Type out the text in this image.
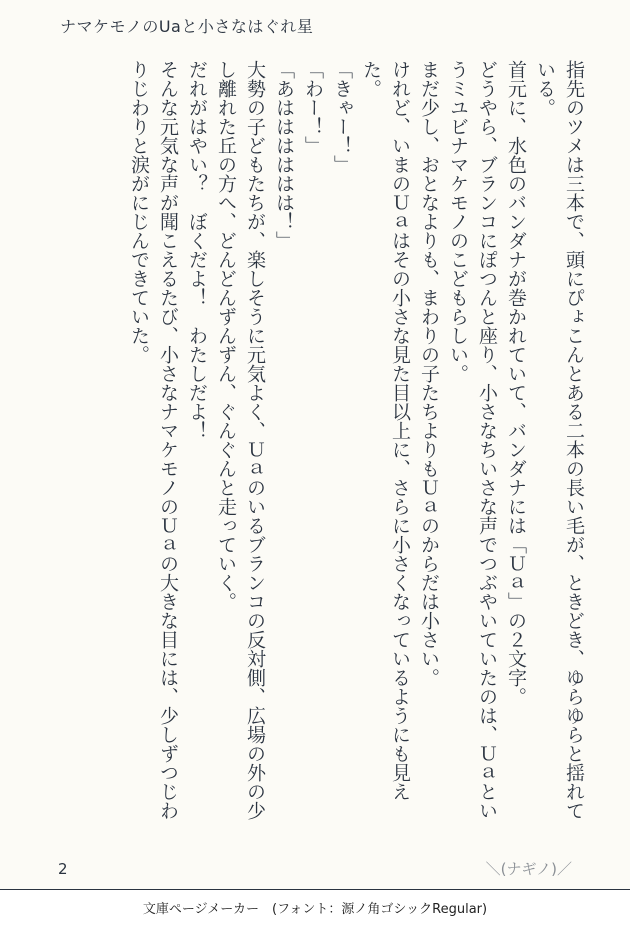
ナマケモノのUaと小さなはぐれ星

指先のツメは三本で、頭にぴょこんとある二本の長い毛が、ときどき、ゆらゆらと揺れている。

首元に、水色のバンダナが巻かれていて、バンダナには「Ｕａ」の２文字。

どうやら、ブランコにぽつんと座り、小さなちいさな声でつぶやいていたのは、Ｕａというミユビナマケモノのこどもらしい。

まだ少し、おとなよりも、まわりの子たちよりもＵａのからだは小さい。

けれど、いまのＵａはその小さな見た目以上に、さらに小さくなっているようにも見えた。

「きゃー！」

「わー！」

「あはははははは！」

大勢の子どもたちが、楽しそうに元気よく、Ｕａのいるブランコの反対側、広場の外の少し離れた丘の方へ、どんどんずんずん、ぐんぐんと走っていく。

だれがはやい？　ぼくだよ！　わたしだよ！

そんな元気な声が聞こえるたび、小さなナマケモノのＵａの大きな目には、少しずつじわりじわりと涙がにじんできていた。

2	＼(ナギノ)／
文庫ページメーカー　(フォント：源ノ角ゴシックRegular)
